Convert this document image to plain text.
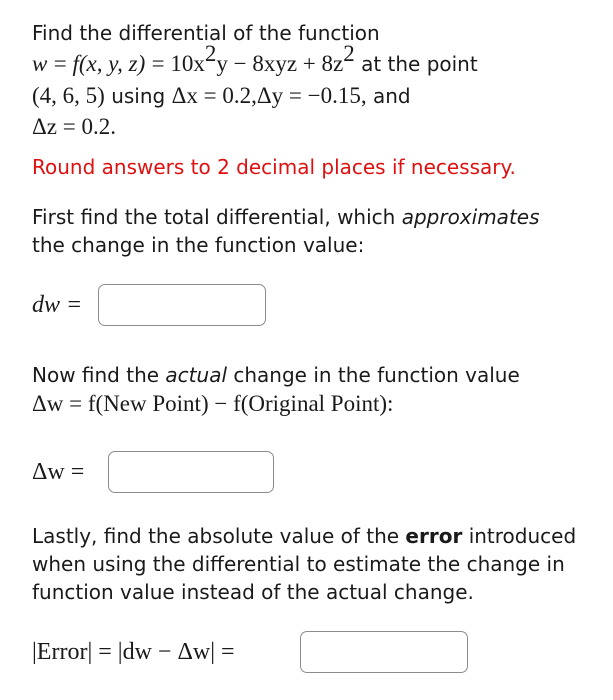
Find the differential of the function
w = f(x, y, $z) = 10x^2y - 8xyz + 8z^2$ at the point
(4, 6, 5) using Δx = 0.2,Δy = −0.15, and
Δz = 0.2.
Round answers to 2 decimal places if necessary.
First find the total differential, which approximates
the change in the function value:
dw =
Now find the actual change in the function value
Δw = f(New Point) − f(Original Point):
Δw =
Lastly, find the absolute value of the error introduced
when using the differential to estimate the change in
function value instead of the actual change.
|Error| = |dw − Δw| =
